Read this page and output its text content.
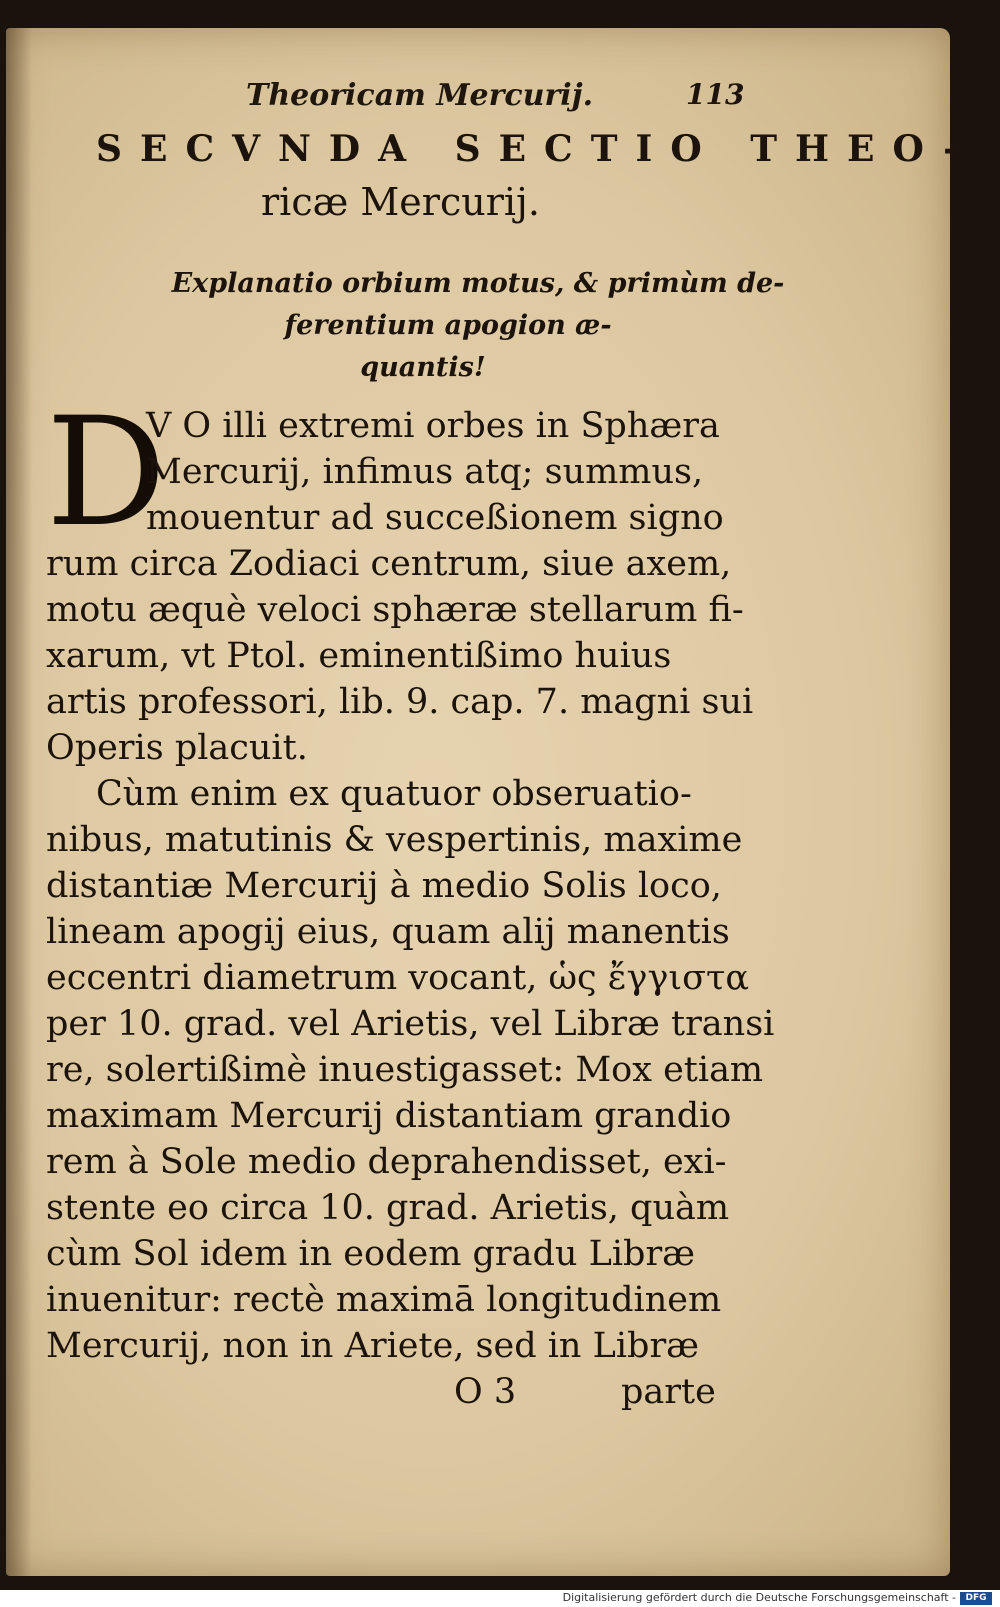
Theoricam Mercurij.	113
SECVNDA SECTIO THEO-
ricæ Mercurij.
Explanatio orbium motus, & primùm de-
ferentium apogion æ-
quantis!
D
V O illi extremi orbes in Sphæra
Mercurij, infimus atq; summus,
mouentur ad succeßionem signo
rum circa Zodiaci centrum, siue axem,
motu æquè veloci sphæræ stellarum fi-
xarum, vt Ptol. eminentißimo huius
artis professori, lib. 9. cap. 7. magni sui
Operis placuit.
Cùm enim ex quatuor obseruatio-
nibus, matutinis & vespertinis, maxime
distantiæ Mercurij à medio Solis loco,
lineam apogij eius, quam alij manentis
eccentri diametrum vocant, ὡς ἔγγιστα
per 10. grad. vel Arietis, vel Libræ transi
re, solertißimè inuestigasset: Mox etiam
maximam Mercurij distantiam grandio
rem à Sole medio deprahendisset, exi-
stente eo circa 10. grad. Arietis, quàm
cùm Sol idem in eodem gradu Libræ
inuenitur: rectè maximā longitudinem
Mercurij, non in Ariete, sed in Libræ
O 3	parte
Digitalisierung gefördert durch die Deutsche Forschungsgemeinschaft -	DFG
